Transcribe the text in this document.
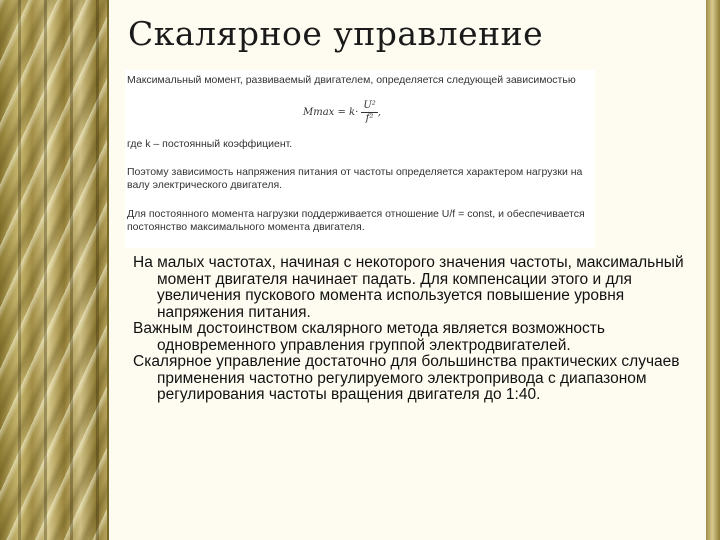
Скалярное управление

Максимальный момент, развиваемый двигателем, определяется следующей зависимостью

$Mmax = k\cdot \frac{\text{U²}}{\text{f²}}$ ,

где k – постоянный коэффициент.

Поэтому зависимость напряжения питания от частоты определяется характером нагрузки на валу электрического двигателя.

Для постоянного момента нагрузки поддерживается отношение U/f = const, и обеспечивается постоянство максимального момента двигателя.

На малых частотах, начиная с некоторого значения частоты, максимальный момент двигателя начинает падать. Для компенсации этого и для увеличения пускового момента используется повышение уровня напряжения питания.

Важным достоинством скалярного метода является возможность одновременного управления группой электродвигателей.

Скалярное управление достаточно для большинства практических случаев применения частотно регулируемого электропривода с диапазоном регулирования частоты вращения двигателя до 1:40.
